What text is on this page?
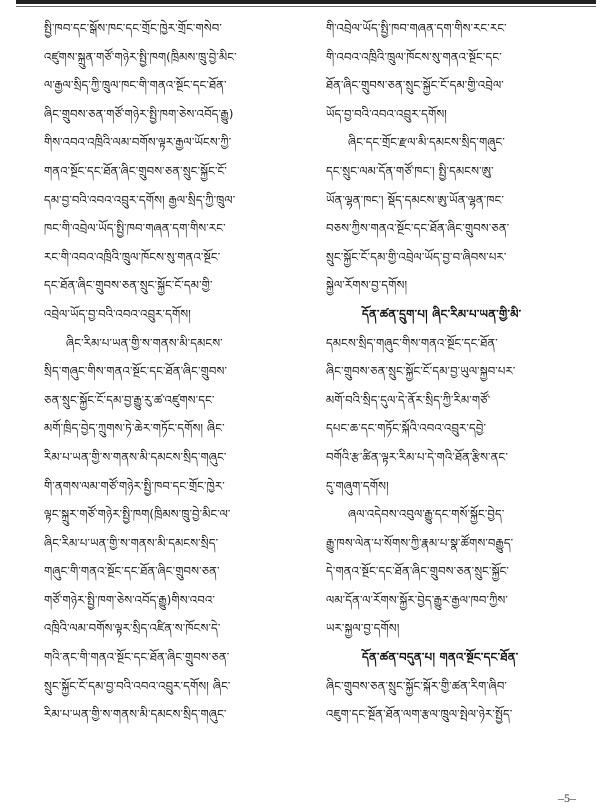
སྤྱི་ཁབ་དང་སྒོས་ཁང་དང་གྲོང་ཁྱེར་གྲོང་གསེབ་
འཛུགས་སྐྲུན་གཙོ་གཉེར་སྤྱི་ཁག(ཁྲིམས་ཁྲུ་བྱེ་མིང་
ལ་རྒྱལ་སྲིད་ཀྱི་ཁྲུལ་ཁང་གི་གནའ་སྔོང་དང་ཐོན་
ཞིང་གྲུབས་ཅན་གཙོ་གཉེར་སྤྱི་ཁག་ཅེས་འབོད་རྒྱུ)
གིས་འབའ་འཁྲིའི་ལམ་བགོས་ལྟར་རྒྱལ་ཡོངས་ཀྱི་
གནའ་སྔོང་དང་ཐོན་ཞིང་གྲུབས་ཅན་སྲུང་སྐྱོང་ངོ་
དམ་བྱ་བའི་འབའ་འབྲུར་དགོས། རྒྱལ་སྲིད་ཀྱི་ཁྲུལ་
ཁང་གི་འབྲེལ་ཡོད་སྤྱི་ཁབ་གཞན་དག་གིས་རང་
རང་གི་འབའ་འཁྲིའི་ཁྲུལ་ཁོངས་སུ་གནའ་སྔོང་
དང་ཐོན་ཞིང་གྲུབས་ཅན་སྲུང་སྐྱོང་ངོ་དམ་གྱི་
འབྲེལ་ཡོད་བྱ་བའི་འབའ་འབྲུར་དགོས།
ཞིང་རིམ་པ་ཡན་གྱི་ས་གནས་མི་དམངས་
སྲིད་གཞུང་གིས་གནའ་སྔོང་དང་ཐོན་ཞིང་གྲུབས་
ཅན་སྲུང་སྐྱོང་ངོ་དམ་བྱ་རྒྱུ་རུ་ཚ་འཛུགས་དང་
མགོ་ཁྲིད་བྱེད་ཀྲུགས་ཏེ་ཆེར་གཏོང་དགོས། ཞིང་
རིམ་པ་ཡན་གྱི་ས་གནས་མི་དམངས་སྲིད་གཞུང་
གི་ནགས་ལམ་གཙོ་གཉེར་སྤྱི་ཁབ་དང་གྲོང་ཁྱེར་
ལྟང་སྐྲུར་གཙོ་གཉེར་སྤྱི་ཁག(ཁྲིམས་ཁྲུ་བྱེ་མིང་ལ་
ཞིང་རིམ་པ་ཡན་གྱི་ས་གནས་མི་དམངས་སྲིད་
གཞུང་གི་གནའ་སྔོང་དང་ཐོན་ཞིང་གྲུབས་ཅན་
གཙོ་གཉེར་སྤྱི་ཁག་ཅེས་འབོད་རྒྱུ)གིས་འབའ་
འཁྲིའི་ལམ་བགོས་ལྟར་སྲིད་འཛིན་ས་ཁོངས་དེ་
གའི་ནང་གི་གནའ་སྔོང་དང་ཐོན་ཞིང་གྲུབས་ཅན་
སྲུང་སྐྱོང་ངོ་དམ་བྱ་བའི་འབའ་འབྲུར་དགོས། ཞིང་
རིམ་པ་ཡན་གྱི་ས་གནས་མི་དམངས་སྲིད་གཞུང་
གི་འབྲེལ་ཡོད་སྤྱི་ཁབ་གཞན་དག་གིས་རང་རང་
གི་འབའ་འཁྲིའི་ཁྲུལ་ཁོངས་སུ་གནའ་སྔོང་དང་
ཐོན་ཞིང་གྲུབས་ཅན་སྲུང་སྐྱོང་ངོ་དམ་གྱི་འབྲེལ་
ཡོད་བྱ་བའི་འབའ་འབྲུར་དགོས།
ཞིང་དང་གྲོང་རྫལ་མི་དམངས་སྲིད་གཞུང་
དང་སྲུང་ལམ་དོན་གཙོ་ཁང་། སྤྱི་དམངས་ཨུ་
ཡོན་ལྷན་ཁང་། སྡོད་དམངས་ཨུ་ཡོན་ལྷན་ཁང་
བཅས་ཀྱིས་གནའ་སྔོང་དང་ཐོན་ཞིང་གྲུབས་ཅན་
སྲུང་སྐྱོང་ངོ་དམ་གྱི་འབྲེལ་ཡོད་བྱ་བ་ཞིབས་པར་
སྐྱེལ་རོགས་བྱ་དགོས།
དོན་ཚན་དྲུག་པ། ཞིང་རིམ་པ་ཡན་གྱི་མི་
དམངས་སྲིད་གཞུང་གིས་གནའ་སྔོང་དང་ཐོན་
ཞིང་གྲུབས་ཅན་སྲུང་སྐྱོང་ངོ་དམ་བྱ་ཡུལ་སྐྱབ་པར་
མགོ་བའི་སྲིད་དུལ་དེ་ནོར་སྲིད་ཀྱི་རིམ་གཙོ་
དཔང་ཆ་དང་གཏོང་སྐོའི་འབའ་འབྲུར་དབྱེ་
བགོའི་རྩ་ཚིན་ལྟར་རིམ་པ་དེ་གའི་ཐོན་རྩིས་ནང་
དུ་གཞུག་དགོས།
ཞལ་འདེབས་འབུལ་རྒྱུ་དང་གསོ་སྐྱོང་བྱེད་
རྒྱུ་ཁས་ལེན་པ་སོགས་ཀྱི་རྣམ་པ་སྣ་ཚོགས་བརྒྱུད་
དེ་གནའ་སྔོང་དང་ཐོན་ཞིང་གྲུབས་ཅན་སྲུང་སྐྱོང་
ལམ་དོན་ལ་རོགས་སྐྱོར་བྱེད་རྒྱུར་རྒྱལ་ཁབ་ཀྱིས་
ཡར་སྐྱལ་བྱ་དགོས།
དོན་ཚན་བདུན་པ། གནའ་སྔོང་དང་ཐོན་
ཞིང་གྲུབས་ཅན་སྲུང་སྐྱོང་སྐོར་གྱི་ཚན་རིག་ཞིབ་
འཇུག་དང་སྔོན་ཐོན་ལག་རྩལ་ཁྲུལ་སྤེལ་ཉེར་སྤྱོད་
–5–
